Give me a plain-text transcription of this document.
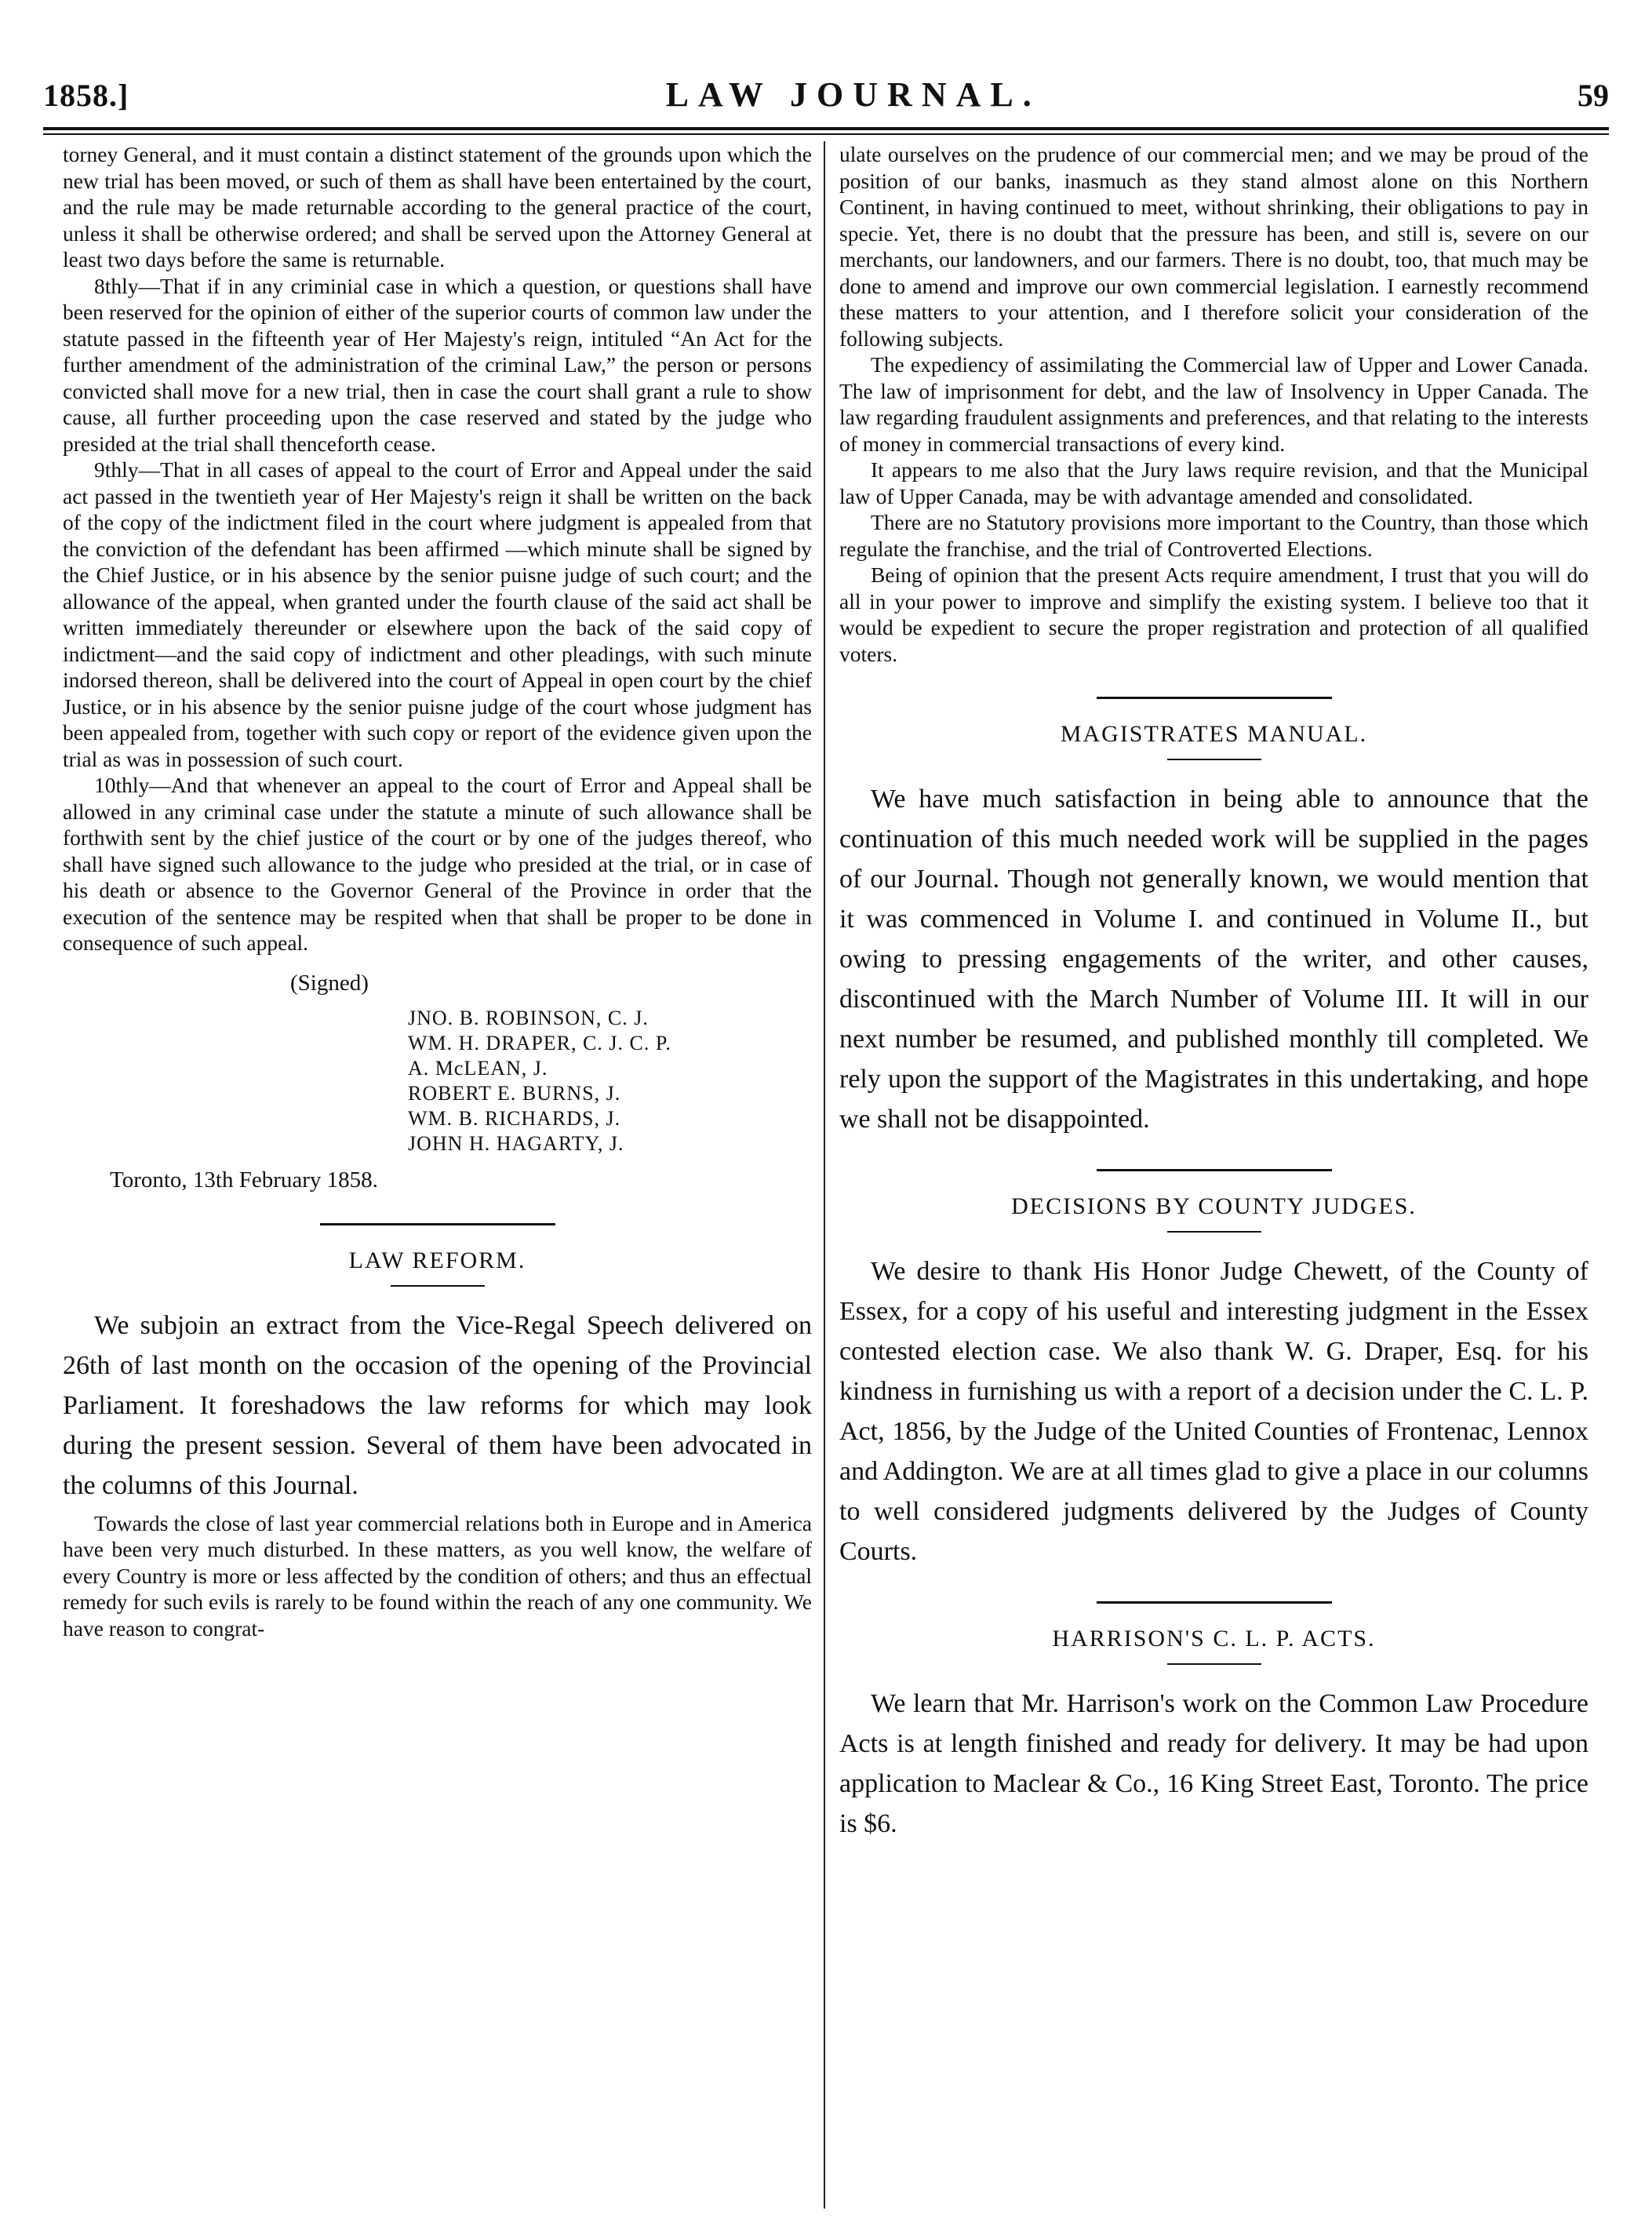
1858.]	LAW JOURNAL.	59

torney General, and it must contain a distinct statement of the grounds upon which the new trial has been moved, or such of them as shall have been entertained by the court, and the rule may be made returnable according to the general practice of the court, unless it shall be otherwise ordered; and shall be served upon the Attorney General at least two days before the same is returnable.

8thly—That if in any criminial case in which a question, or questions shall have been reserved for the opinion of either of the superior courts of common law under the statute passed in the fifteenth year of Her Majesty's reign, intituled “An Act for the further amendment of the administration of the criminal Law,” the person or persons convicted shall move for a new trial, then in case the court shall grant a rule to show cause, all further proceeding upon the case reserved and stated by the judge who presided at the trial shall thenceforth cease.

9thly—That in all cases of appeal to the court of Error and Appeal under the said act passed in the twentieth year of Her Majesty's reign it shall be written on the back of the copy of the indictment filed in the court where judgment is appealed from that the conviction of the defendant has been affirmed —which minute shall be signed by the Chief Justice, or in his absence by the senior puisne judge of such court; and the allowance of the appeal, when granted under the fourth clause of the said act shall be written immediately thereunder or elsewhere upon the back of the said copy of indictment—and the said copy of indictment and other pleadings, with such minute indorsed thereon, shall be delivered into the court of Appeal in open court by the chief Justice, or in his absence by the senior puisne judge of the court whose judgment has been appealed from, together with such copy or report of the evidence given upon the trial as was in possession of such court.

10thly—And that whenever an appeal to the court of Error and Appeal shall be allowed in any criminal case under the statute a minute of such allowance shall be forthwith sent by the chief justice of the court or by one of the judges thereof, who shall have signed such allowance to the judge who presided at the trial, or in case of his death or absence to the Governor General of the Province in order that the execution of the sentence may be respited when that shall be proper to be done in consequence of such appeal.

(Signed)
JNO. B. ROBINSON, C. J.
WM. H. DRAPER, C. J. C. P.
A. McLEAN, J.
ROBERT E. BURNS, J.
WM. B. RICHARDS, J.
JOHN H. HAGARTY, J.
Toronto, 13th February 1858.
LAW REFORM.

We subjoin an extract from the Vice-Regal Speech delivered on 26th of last month on the occasion of the opening of the Provincial Parliament. It foreshadows the law reforms for which may look during the present session. Several of them have been advocated in the columns of this Journal.

Towards the close of last year commercial relations both in Europe and in America have been very much disturbed. In these matters, as you well know, the welfare of every Country is more or less affected by the condition of others; and thus an effectual remedy for such evils is rarely to be found within the reach of any one community. We have reason to congrat-

ulate ourselves on the prudence of our commercial men; and we may be proud of the position of our banks, inasmuch as they stand almost alone on this Northern Continent, in having continued to meet, without shrinking, their obligations to pay in specie. Yet, there is no doubt that the pressure has been, and still is, severe on our merchants, our landowners, and our farmers. There is no doubt, too, that much may be done to amend and improve our own commercial legislation. I earnestly recommend these matters to your attention, and I therefore solicit your consideration of the following subjects.

The expediency of assimilating the Commercial law of Upper and Lower Canada. The law of imprisonment for debt, and the law of Insolvency in Upper Canada. The law regarding fraudulent assignments and preferences, and that relating to the interests of money in commercial transactions of every kind.

It appears to me also that the Jury laws require revision, and that the Municipal law of Upper Canada, may be with advantage amended and consolidated.

There are no Statutory provisions more important to the Country, than those which regulate the franchise, and the trial of Controverted Elections.

Being of opinion that the present Acts require amendment, I trust that you will do all in your power to improve and simplify the existing system. I believe too that it would be expedient to secure the proper registration and protection of all qualified voters.

MAGISTRATES MANUAL.

We have much satisfaction in being able to announce that the continuation of this much needed work will be supplied in the pages of our Journal. Though not generally known, we would mention that it was commenced in Volume I. and continued in Volume II., but owing to pressing engagements of the writer, and other causes, discontinued with the March Number of Volume III. It will in our next number be resumed, and published monthly till completed. We rely upon the support of the Magistrates in this undertaking, and hope we shall not be disappointed.

DECISIONS BY COUNTY JUDGES.

We desire to thank His Honor Judge Chewett, of the County of Essex, for a copy of his useful and interesting judgment in the Essex contested election case. We also thank W. G. Draper, Esq. for his kindness in furnishing us with a report of a decision under the C. L. P. Act, 1856, by the Judge of the United Counties of Frontenac, Lennox and Addington. We are at all times glad to give a place in our columns to well considered judgments delivered by the Judges of County Courts.

HARRISON'S C. L. P. ACTS.

We learn that Mr. Harrison's work on the Common Law Procedure Acts is at length finished and ready for delivery. It may be had upon application to Maclear & Co., 16 King Street East, Toronto. The price is $6.
